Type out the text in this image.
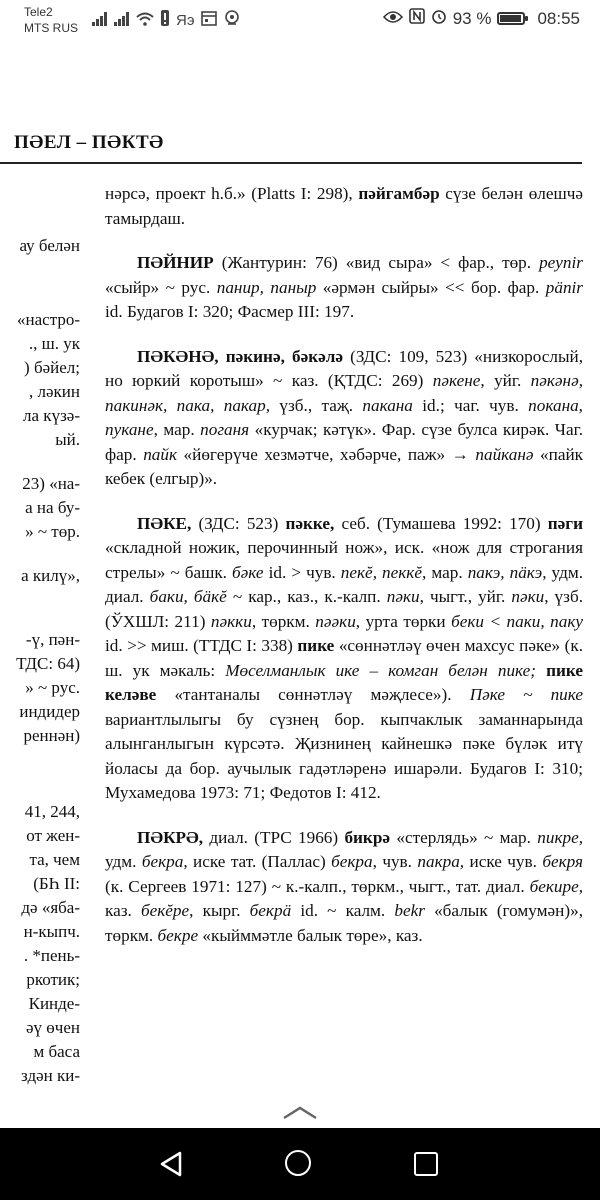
Tele2
MTS RUS	Яэ	93 %	08:55
ПӘЕЛ – ПӘКТӘ
ау белән
«настро-
., ш. ук
) бәйел;
, ләкин
ла күзә-
ый.
23) «на-
а на бу-
» ~ төр.
а килү»,
-ү, пән-
ТДС: 64)
» ~ рус.
индидер
реннән)
41, 244,
от жен-
та, чем
(БҺ II:
дә «яба-
н-кыпч.
. *пень-
ркотик;
Кинде-
әү өчен
м баса
здән ки-

нәрсә, проект h.б.» (Platts I: 298), пәйгамбәр сүзе белән өлешчә тамырдаш.

ПӘЙНИР (Жантурин: 76) «вид сыра» < фар., төр. peynir «сыйр» ~ рус. панир, паныр «әрмән сыйры» << бор. фар. pänir id. Будагов I: 320; Фасмер III: 197.

ПӘКӘНӘ, пәкинә, бәкәлә (ЗДС: 109, 523) «низкорослый, но юркий коротыш» ~ каз. (ҚТДС: 269) пәкене, уйг. пәкәнә, пакинәк, пака, пакар, үзб., таҗ. пакана id.; чаг. чув. покана, пукане, мар. поганя «курчак; кәтүк». Фар. сүзе булса кирәк. Чаг. фар. пайк «йөгерүче хезмәтче, хәбәрче, паж» → пайканә «пайк кебек (елгыр)».

ПӘКЕ, (ЗДС: 523) пәкке, себ. (Тумашева 1992: 170) пәги «складной ножик, перочинный нож», иск. «нож для строгания стрелы» ~ башк. бәке id. > чув. пекĕ, пеккĕ, мар. пакэ, пӓкэ, удм. диал. баки, бӓкĕ ~ кар., каз., к.-калп. пәки, чыгт., уйг. пәки, үзб. (ЎХШЛ: 211) пәкки, төркм. пәәки, урта төрки беки < паки, паку id. >> миш. (ТТДС I: 338) пике «сөннәтләү өчен махсус пәке» (к. ш. ук мәкаль: Мөселманлык ике – комган белән пике; пике келәве «тантаналы сөннәтләү мәҗлесе»). Пәке ~ пике вариантлылыгы бу сүзнең бор. кыпчаклык заманнарында алынганлыгын күрсәтә. Җизнинең кайнешкә пәке бүләк итү йоласы да бор. аучылык гадәтләренә ишарәли. Будагов I: 310; Мухамедова 1973: 71; Федотов I: 412.

ПӘКРӘ, диал. (ТРС 1966) бикрә «стерлядь» ~ мар. пикре, удм. бекра, иске тат. (Паллас) бекра, чув. пакра, иске чув. бекря (к. Сергеев 1971: 127) ~ к.-калп., төркм., чыгт., тат. диал. бекире, каз. бекĕре, кырг. бекрӓ id. ~ калм. bekr «балык (гомумән)», төркм. бекре «кыйммәтле балык төре», каз.
